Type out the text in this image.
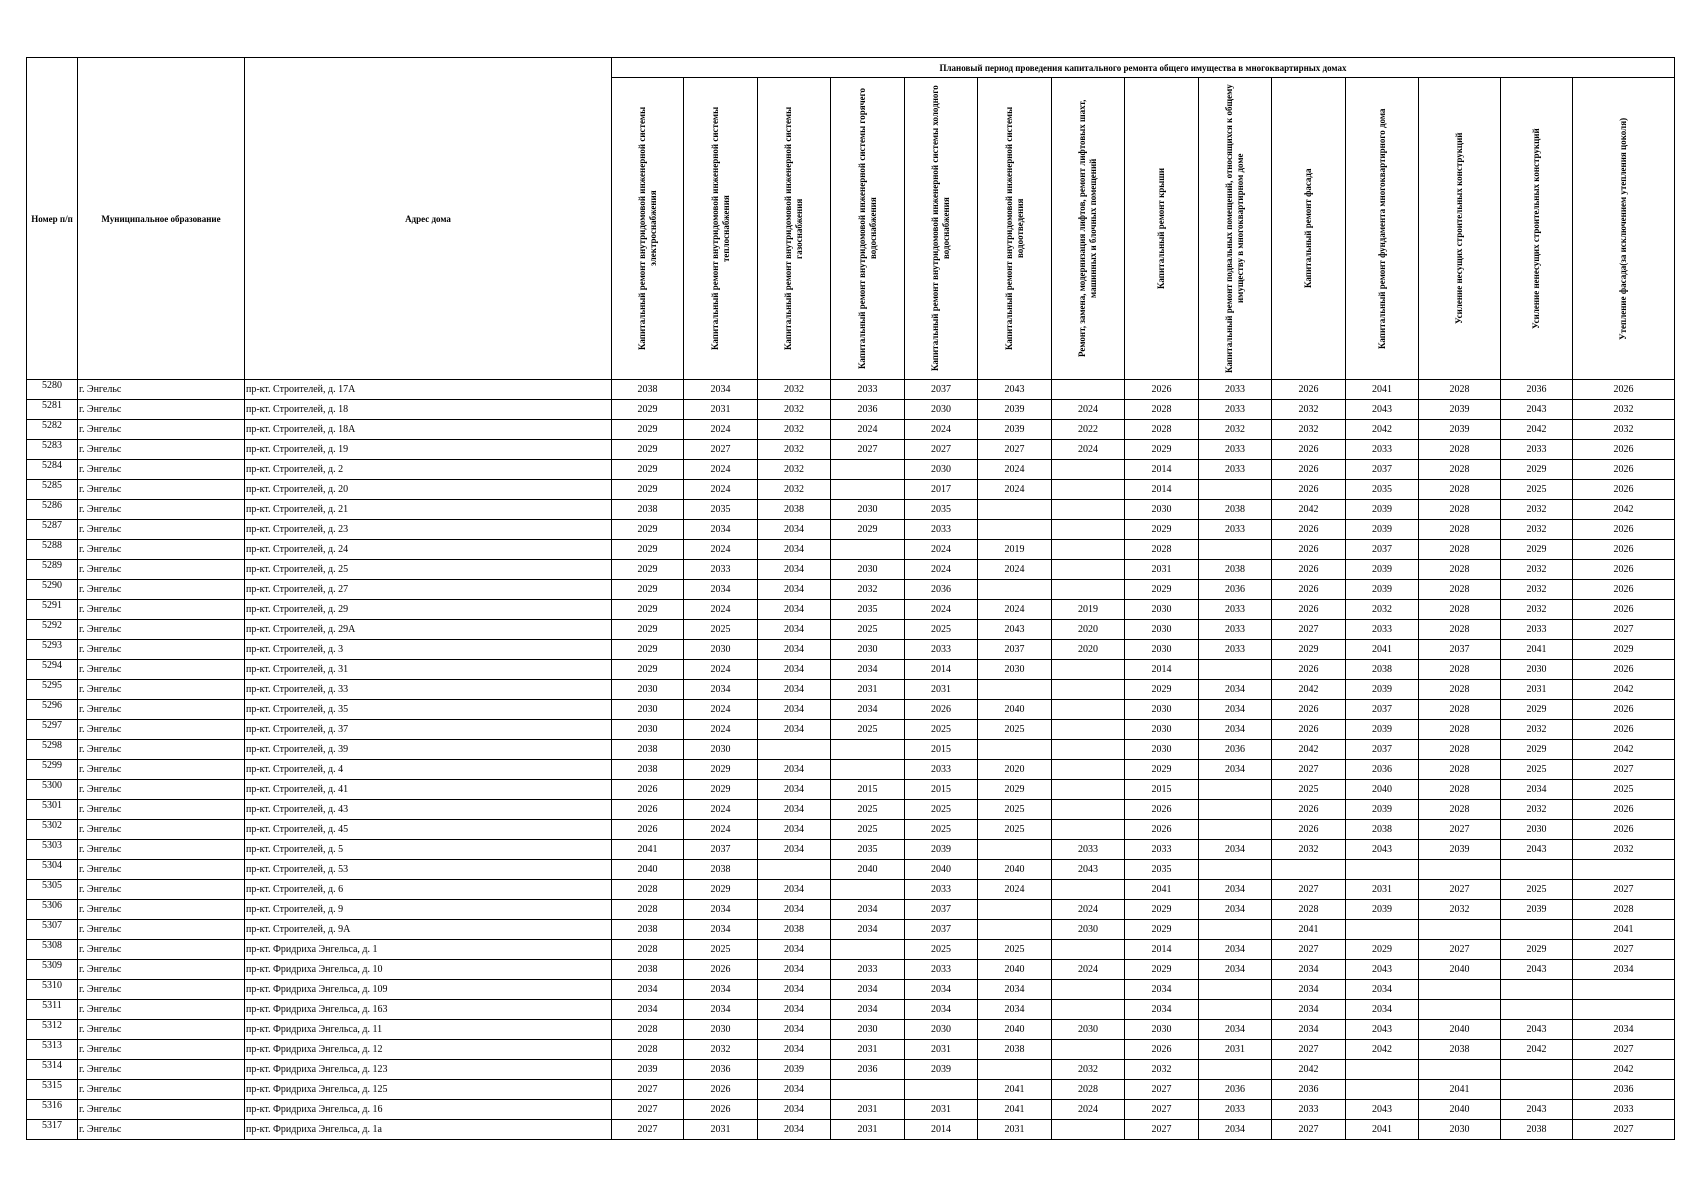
Номер п/п	Муниципальное образование	Адрес дома	Плановый период проведения капитального ремонта общего имущества в многоквартирных домах													

			Капитальный ремонт внутридомовой инженерной системы электроснабжения	Капитальный ремонт внутридомовой инженерной системы теплоснабжения	Капитальный ремонт внутридомовой инженерной системы газоснабжения	Капитальный ремонт внутридомовой инженерной системы горячего водоснабжения	Капитальный ремонт внутридомовой инженерной системы холодного водоснабжения	Капитальный ремонт внутридомовой инженерной системы водоотведения	Ремонт, замена, модернизация лифтов, ремонт лифтовых шахт, машинных и блочных помещений	Капитальный ремонт крыши	Капитальный ремонт подвальных помещений, относящихся к общему имуществу в многоквартирном доме	Капитальный ремонт фасада	Капитальный ремонт фундамента многоквартирного дома	Усиление несущих строительных конструкций	Усиление ненесущих строительных конструкций	Утепление фасада(за исключением утепления цоколя)

5280	г. Энгельс	пр-кт. Строителей, д. 17А	2038	2034	2032	2033	2037	2043		2026	2033	2026	2041	2028	2036	2026
5281	г. Энгельс	пр-кт. Строителей, д. 18	2029	2031	2032	2036	2030	2039	2024	2028	2033	2032	2043	2039	2043	2032
5282	г. Энгельс	пр-кт. Строителей, д. 18А	2029	2024	2032	2024	2024	2039	2022	2028	2032	2032	2042	2039	2042	2032
5283	г. Энгельс	пр-кт. Строителей, д. 19	2029	2027	2032	2027	2027	2027	2024	2029	2033	2026	2033	2028	2033	2026
5284	г. Энгельс	пр-кт. Строителей, д. 2	2029	2024	2032		2030	2024		2014	2033	2026	2037	2028	2029	2026
5285	г. Энгельс	пр-кт. Строителей, д. 20	2029	2024	2032		2017	2024		2014		2026	2035	2028	2025	2026
5286	г. Энгельс	пр-кт. Строителей, д. 21	2038	2035	2038	2030	2035			2030	2038	2042	2039	2028	2032	2042
5287	г. Энгельс	пр-кт. Строителей, д. 23	2029	2034	2034	2029	2033			2029	2033	2026	2039	2028	2032	2026
5288	г. Энгельс	пр-кт. Строителей, д. 24	2029	2024	2034		2024	2019		2028		2026	2037	2028	2029	2026
5289	г. Энгельс	пр-кт. Строителей, д. 25	2029	2033	2034	2030	2024	2024		2031	2038	2026	2039	2028	2032	2026
5290	г. Энгельс	пр-кт. Строителей, д. 27	2029	2034	2034	2032	2036			2029	2036	2026	2039	2028	2032	2026
5291	г. Энгельс	пр-кт. Строителей, д. 29	2029	2024	2034	2035	2024	2024	2019	2030	2033	2026	2032	2028	2032	2026
5292	г. Энгельс	пр-кт. Строителей, д. 29А	2029	2025	2034	2025	2025	2043	2020	2030	2033	2027	2033	2028	2033	2027
5293	г. Энгельс	пр-кт. Строителей, д. 3	2029	2030	2034	2030	2033	2037	2020	2030	2033	2029	2041	2037	2041	2029
5294	г. Энгельс	пр-кт. Строителей, д. 31	2029	2024	2034	2034	2014	2030		2014		2026	2038	2028	2030	2026
5295	г. Энгельс	пр-кт. Строителей, д. 33	2030	2034	2034	2031	2031			2029	2034	2042	2039	2028	2031	2042
5296	г. Энгельс	пр-кт. Строителей, д. 35	2030	2024	2034	2034	2026	2040		2030	2034	2026	2037	2028	2029	2026
5297	г. Энгельс	пр-кт. Строителей, д. 37	2030	2024	2034	2025	2025	2025		2030	2034	2026	2039	2028	2032	2026
5298	г. Энгельс	пр-кт. Строителей, д. 39	2038	2030			2015			2030	2036	2042	2037	2028	2029	2042
5299	г. Энгельс	пр-кт. Строителей, д. 4	2038	2029	2034		2033	2020		2029	2034	2027	2036	2028	2025	2027
5300	г. Энгельс	пр-кт. Строителей, д. 41	2026	2029	2034	2015	2015	2029		2015		2025	2040	2028	2034	2025
5301	г. Энгельс	пр-кт. Строителей, д. 43	2026	2024	2034	2025	2025	2025		2026		2026	2039	2028	2032	2026
5302	г. Энгельс	пр-кт. Строителей, д. 45	2026	2024	2034	2025	2025	2025		2026		2026	2038	2027	2030	2026
5303	г. Энгельс	пр-кт. Строителей, д. 5	2041	2037	2034	2035	2039		2033	2033	2034	2032	2043	2039	2043	2032
5304	г. Энгельс	пр-кт. Строителей, д. 53	2040	2038		2040	2040	2040	2043	2035						
5305	г. Энгельс	пр-кт. Строителей, д. 6	2028	2029	2034		2033	2024		2041	2034	2027	2031	2027	2025	2027
5306	г. Энгельс	пр-кт. Строителей, д. 9	2028	2034	2034	2034	2037		2024	2029	2034	2028	2039	2032	2039	2028
5307	г. Энгельс	пр-кт. Строителей, д. 9А	2038	2034	2038	2034	2037		2030	2029		2041				2041
5308	г. Энгельс	пр-кт. Фридриха Энгельса, д. 1	2028	2025	2034		2025	2025		2014	2034	2027	2029	2027	2029	2027
5309	г. Энгельс	пр-кт. Фридриха Энгельса, д. 10	2038	2026	2034	2033	2033	2040	2024	2029	2034	2034	2043	2040	2043	2034
5310	г. Энгельс	пр-кт. Фридриха Энгельса, д. 109	2034	2034	2034	2034	2034	2034		2034		2034	2034			
5311	г. Энгельс	пр-кт. Фридриха Энгельса, д. 163	2034	2034	2034	2034	2034	2034		2034		2034	2034			
5312	г. Энгельс	пр-кт. Фридриха Энгельса, д. 11	2028	2030	2034	2030	2030	2040	2030	2030	2034	2034	2043	2040	2043	2034
5313	г. Энгельс	пр-кт. Фридриха Энгельса, д. 12	2028	2032	2034	2031	2031	2038		2026	2031	2027	2042	2038	2042	2027
5314	г. Энгельс	пр-кт. Фридриха Энгельса, д. 123	2039	2036	2039	2036	2039		2032	2032		2042				2042
5315	г. Энгельс	пр-кт. Фридриха Энгельса, д. 125	2027	2026	2034			2041	2028	2027	2036	2036		2041		2036
5316	г. Энгельс	пр-кт. Фридриха Энгельса, д. 16	2027	2026	2034	2031	2031	2041	2024	2027	2033	2033	2043	2040	2043	2033
5317	г. Энгельс	пр-кт. Фридриха Энгельса, д. 1а	2027	2031	2034	2031	2014	2031		2027	2034	2027	2041	2030	2038	2027
